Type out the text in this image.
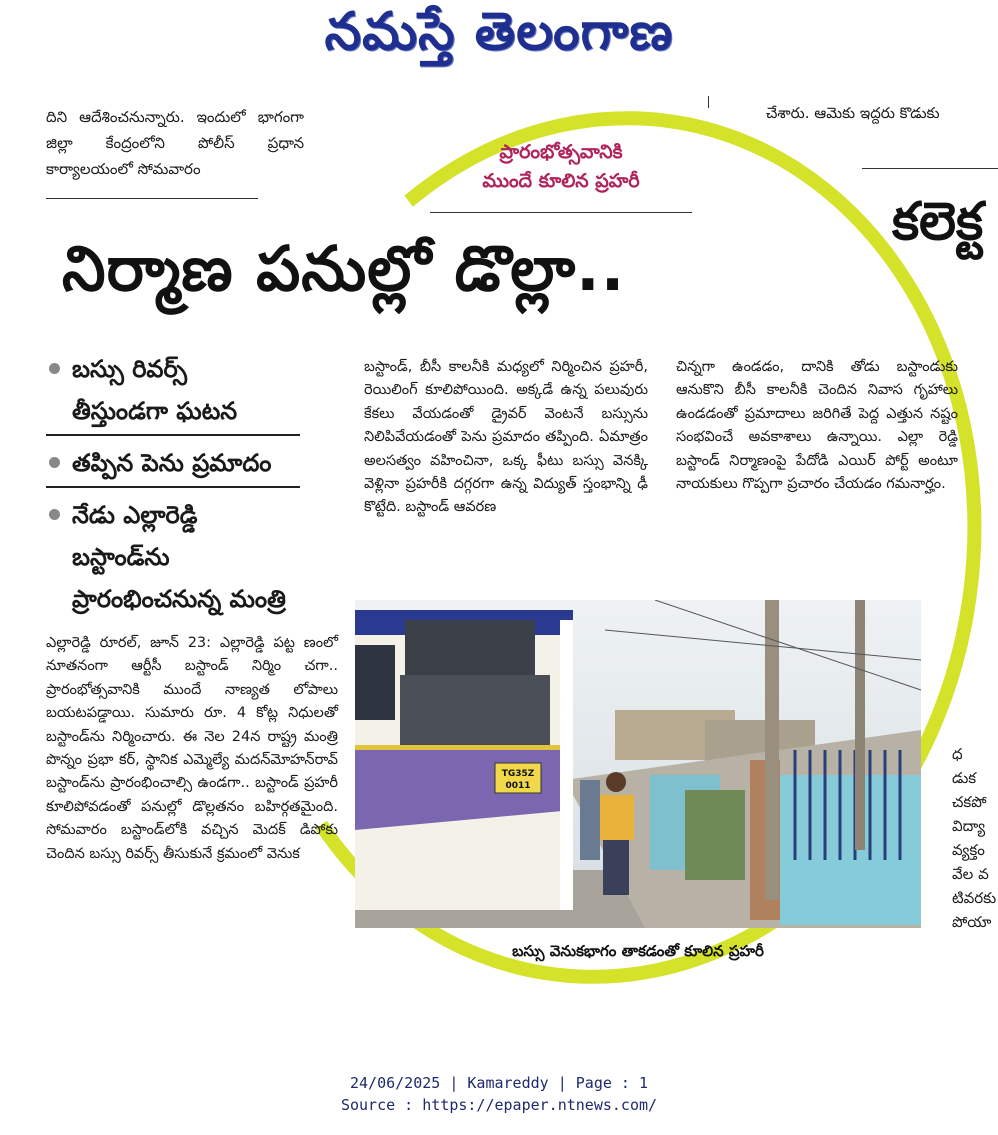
నమస్తే తెలంగాణ
దిని ఆదేశించనున్నారు. ఇందులో భాగంగా జిల్లా కేంద్రంలోని పోలీస్ ప్రధాన కార్యాలయంలో సోమవారం
చేశారు. ఆమెకు ఇద్దరు కొడుకు
కలెక్ట
ప్రారంభోత్సవానికి
ముందే కూలిన ప్రహరీ
నిర్మాణ పనుల్లో డొల్లా..
బస్సు రివర్స్
తీస్తుండగా ఘటన
తప్పిన పెను ప్రమాదం
నేడు ఎల్లారెడ్డి
బస్టాండ్‌ను
ప్రారంభించనున్న మంత్రి
ఎల్లారెడ్డి రూరల్, జూన్ 23: ఎల్లారెడ్డి పట్ట ణంలో నూతనంగా ఆర్టీసీ బస్టాండ్ నిర్మిం చగా.. ప్రారంభోత్సవానికి ముందే నాణ్యత లోపాలు బయటపడ్డాయి. సుమారు రూ. 4 కోట్ల నిధులతో బస్టాండ్‌ను నిర్మించారు. ఈ నెల 24న రాష్ట్ర మంత్రి పొన్నం ప్రభా కర్, స్థానిక ఎమ్మెల్యే మదన్‌మోహన్‌రావ్ బస్టాండ్‌ను ప్రారంభించాల్సి ఉండగా.. బస్టాండ్ ప్రహరీ కూలిపోవడంతో పనుల్లో డొల్లతనం బహిర్గతమైంది. సోమవారం బస్టాండ్‌లోకి వచ్చిన మెదక్ డిపోకు చెందిన బస్సు రివర్స్ తీసుకునే క్రమంలో వెనుక
బస్టాండ్, బీసీ కాలనీకి మధ్యలో నిర్మించిన ప్రహరీ, రెయిలింగ్ కూలిపోయింది. అక్కడే ఉన్న పలువురు కేకలు వేయడంతో డ్రైవర్ వెంటనే బస్సును నిలిపివేయడంతో పెను ప్రమాదం తప్పింది. ఏమాత్రం అలసత్వం వహించినా, ఒక్క ఫీటు బస్సు వెనక్కి వెళ్లినా ప్రహరీకి దగ్గరగా ఉన్న విద్యుత్ స్తంభాన్ని ఢీ కొట్టేది. బస్టాండ్ ఆవరణ
చిన్నగా ఉండడం, దానికి తోడు బస్టాండుకు ఆనుకొని బీసీ కాలనీకి చెందిన నివాస గృహాలు ఉండడంతో ప్రమాదాలు జరిగితే పెద్ద ఎత్తున నష్టం సంభవించే అవకాశాలు ఉన్నాయి. ఎల్లా రెడ్డి బస్టాండ్ నిర్మాణంపై పేదోడి ఎయిర్ పోర్ట్ అంటూ నాయకులు గొప్పగా ప్రచారం చేయడం గమనార్హం.
TG35Z
0011
బస్సు వెనుకభాగం తాకడంతో కూలిన ప్రహరీ
ధ
డుక
చకపో
విద్యా
వ్యక్తం
వేల వ
టివరకు
పోయా
24/06/2025 | Kamareddy | Page : 1
Source : https://epaper.ntnews.com/
